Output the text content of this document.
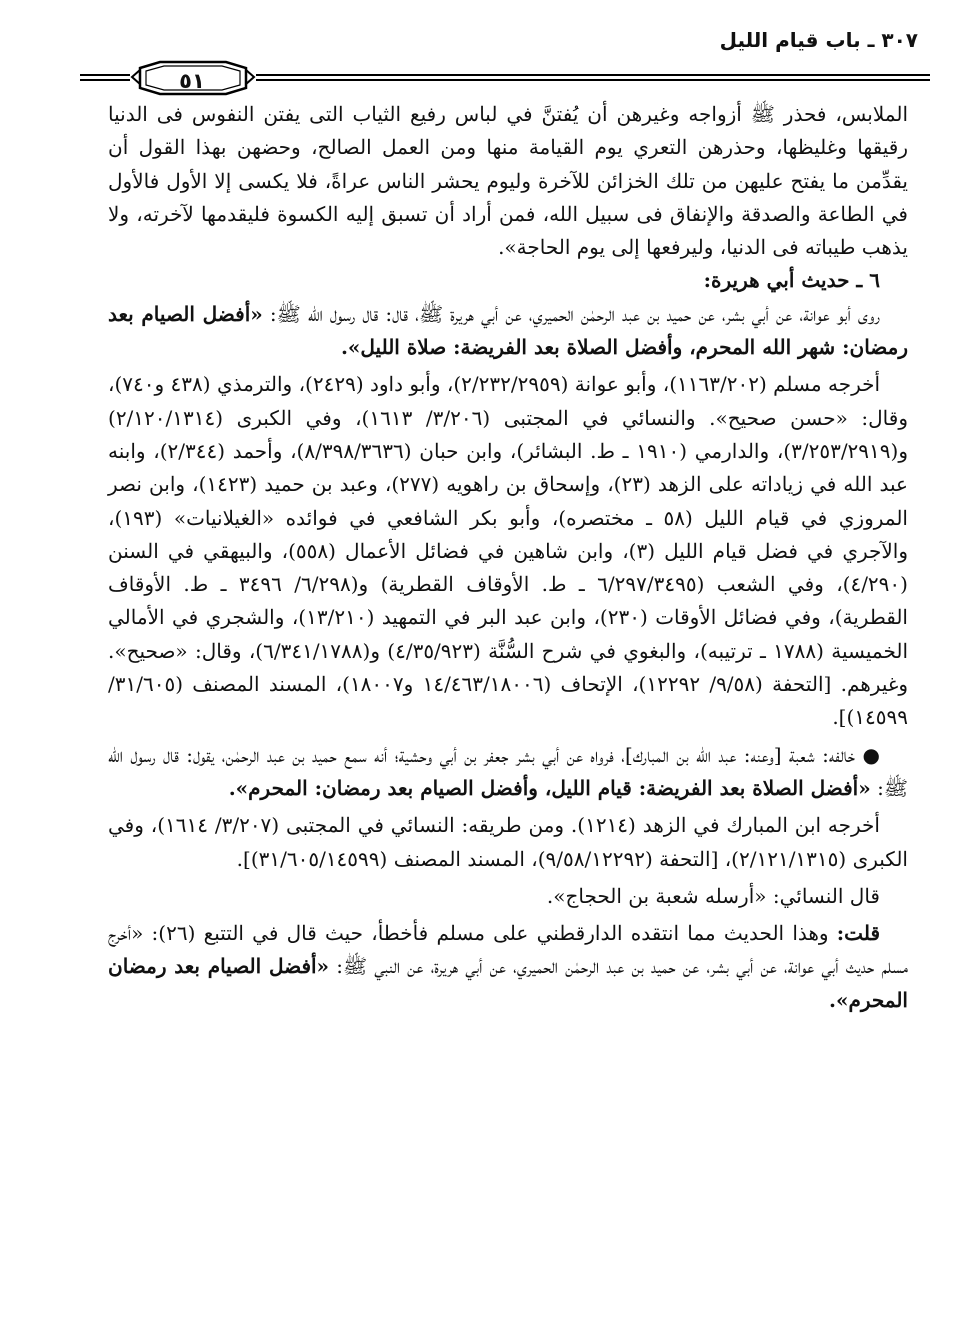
٣٠٧ ـ باب قيام الليل
٥١

الملابس، فحذر ﷺ أزواجه وغيرهن أن يُفتنَّ في لباس رفيع الثياب التى يفتن النفوس فى الدنيا رقيقها وغليظها، وحذرهن التعري يوم القيامة منها ومن العمل الصالح، وحضهن بهذا القول أن يقدِّمن ما يفتح عليهن من تلك الخزائن للآخرة وليوم يحشر الناس عراةً، فلا يكسى إلا الأول فالأول في الطاعة والصدقة والإنفاق فى سبيل الله، فمن أراد أن تسبق إليه الكسوة فليقدمها لآخرته، ولا يذهب طيباته فى الدنيا، وليرفعها إلى يوم الحاجة».

٦ ـ حديث أبي هريرة:

روى أبو عوانة، عن أبي بشر، عن حميد بن عبد الرحمٰن الحميري، عن أبي هريرة ﷺ، قال: قال رسول الله ﷺ: «أفضل الصيام بعد رمضان: شهر الله المحرم، وأفضل الصلاة بعد الفريضة: صلاة الليل».

أخرجه مسلم (١١٦٣/٢٠٢)، وأبو عوانة (٢/٢٣٢/٢٩٥٩)، وأبو داود (٢٤٢٩)، والترمذي (٤٣٨ و٧٤٠)، وقال: «حسن صحيح». والنسائي في المجتبى (٣/٢٠٦/ ١٦١٣)، وفي الكبرى (٢/١٢٠/١٣١٤) و(٣/٢٥٣/٢٩١٩)، والدارمي (١٩١٠ ـ ط. البشائر)، وابن حبان (٨/٣٩٨/٣٦٣٦)، وأحمد (٢/٣٤٤)، وابنه عبد الله في زياداته على الزهد (٢٣)، وإسحاق بن راهويه (٢٧٧)، وعبد بن حميد (١٤٢٣)، وابن نصر المروزي في قيام الليل (٥٨ ـ مختصره)، وأبو بكر الشافعي في فوائده «الغيلانيات» (١٩٣)، والآجري في فضل قيام الليل (٣)، وابن شاهين في فضائل الأعمال (٥٥٨)، والبيهقي في السنن (٤/٢٩٠)، وفي الشعب (٦/٢٩٧/٣٤٩٥ ـ ط. الأوقاف القطرية) و(٦/٢٩٨/ ٣٤٩٦ ـ ط. الأوقاف القطرية)، وفي فضائل الأوقات (٢٣٠)، وابن عبد البر في التمهيد (١٣/٢١٠)، والشجري في الأمالي الخميسية (١٧٨٨ ـ ترتيبه)، والبغوي في شرح السُّنَّة (٤/٣٥/٩٢٣) و(٦/٣٤١/١٧٨٨)، وقال: «صحيح». وغيرهم. [التحفة (٩/٥٨/ ١٢٢٩٢)، الإتحاف (١٤/٤٦٣/١٨٠٠٦ و١٨٠٠٧)، المسند المصنف (٣١/٦٠٥/ ١٤٥٩٩)].

● خالفه: شعبة [وعنه: عبد الله بن المبارك]، فرواه عن أبي بشر جعفر بن أبي وحشية؛ أنه سمع حميد بن عبد الرحمٰن، يقول: قال رسول الله ﷺ: «أفضل الصلاة بعد الفريضة: قيام الليل، وأفضل الصيام بعد رمضان: المحرم».

أخرجه ابن المبارك في الزهد (١٢١٤). ومن طريقه: النسائي في المجتبى (٣/٢٠٧/ ١٦١٤)، وفي الكبرى (٢/١٢١/١٣١٥)، [التحفة (٩/٥٨/١٢٢٩٢)، المسند المصنف (٣١/٦٠٥/١٤٥٩٩)].

قال النسائي: «أرسله شعبة بن الحجاج».

قلت: وهذا الحديث مما انتقده الدارقطني على مسلم فأخطأ، حيث قال في التتبع (٢٦): «أخرج مسلم حديث أبي عوانة، عن أبي بشر، عن حميد بن عبد الرحمٰن الحميري، عن أبي هريرة، عن النبي ﷺ: «أفضل الصيام بعد رمضان المحرم».
